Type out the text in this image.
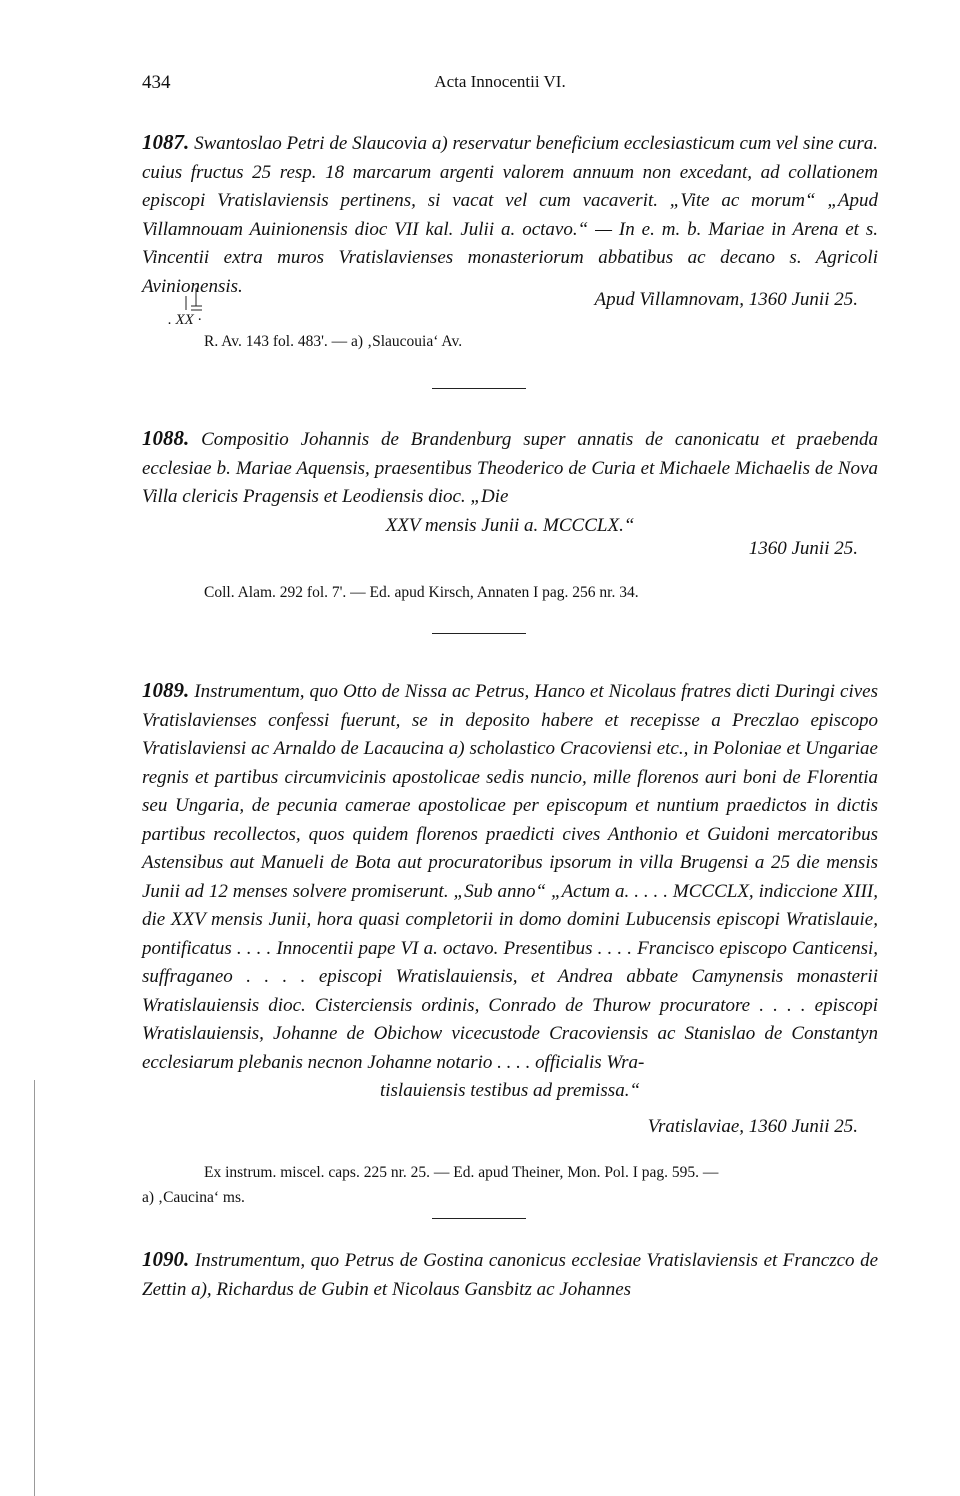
434	Acta Innocentii VI.
1087. Swantoslao Petri de Slaucovia a) reservatur beneficium ecclesiasticum cum vel sine cura. cuius fructus 25 resp. 18 marcarum argenti valorem annuum non excedant, ad collationem episcopi Vratislaviensis pertinens, si vacat vel cum vacaverit. „Vite ac morum“ „Apud Villamnouam Auinionensis dioc VII kal. Julii a. octavo.“ — In e. m. b. Mariae in Arena et s. Vincentii extra muros Vratislavienses monasteriorum abbatibus ac decano s. Agricoli Avinionensis.
. XX ·
Apud Villamnovam, 1360 Junii 25.
R. Av. 143 fol. 483'. — a) ‚Slaucouia‘ Av.
1088. Compositio Johannis de Brandenburg super annatis de canonicatu et praebenda ecclesiae b. Mariae Aquensis, praesentibus Theoderico de Curia et Michaele Michaelis de Nova Villa clericis Pragensis et Leodiensis dioc. „Die
XXV mensis Junii a. MCCCLX.“
1360 Junii 25.
Coll. Alam. 292 fol. 7'. — Ed. apud Kirsch, Annaten I pag. 256 nr. 34.
1089. Instrumentum, quo Otto de Nissa ac Petrus, Hanco et Nicolaus fratres dicti Duringi cives Vratislavienses confessi fuerunt, se in deposito habere et recepisse a Preczlao episcopo Vratislaviensi ac Arnaldo de Lacaucina a) scholastico Cracoviensi etc., in Poloniae et Ungariae regnis et partibus circumvicinis apostolicae sedis nuncio, mille florenos auri boni de Florentia seu Ungaria, de pecunia camerae apostolicae per episcopum et nuntium praedictos in dictis partibus recollectos, quos quidem florenos praedicti cives Anthonio et Guidoni mercatoribus Astensibus aut Manueli de Bota aut procuratoribus ipsorum in villa Brugensi a 25 die mensis Junii ad 12 menses solvere promiserunt. „Sub anno“ „Actum a. . . . . MCCCLX, indiccione XIII, die XXV mensis Junii, hora quasi completorii in domo domini Lubucensis episcopi Wratislauie, pontificatus . . . . Innocentii pape VI a. octavo. Presentibus . . . . Francisco episcopo Canticensi, suffraganeo . . . . episcopi Wratislauiensis, et Andrea abbate Camynensis monasterii Wratislauiensis dioc. Cisterciensis ordinis, Conrado de Thurow procuratore . . . . episcopi Wratislauiensis, Johanne de Obichow vicecustode Cracoviensis ac Stanislao de Constantyn ecclesiarum plebanis necnon Johanne notario . . . . officialis Wra-
tislauiensis testibus ad premissa.“
Vratislaviae, 1360 Junii 25.
Ex instrum. miscel. caps. 225 nr. 25. — Ed. apud Theiner, Mon. Pol. I pag. 595. —
a) ‚Caucina‘ ms.
1090. Instrumentum, quo Petrus de Gostina canonicus ecclesiae Vratislaviensis et Franczco de Zettin a), Richardus de Gubin et Nicolaus Gansbitz ac Johannes
